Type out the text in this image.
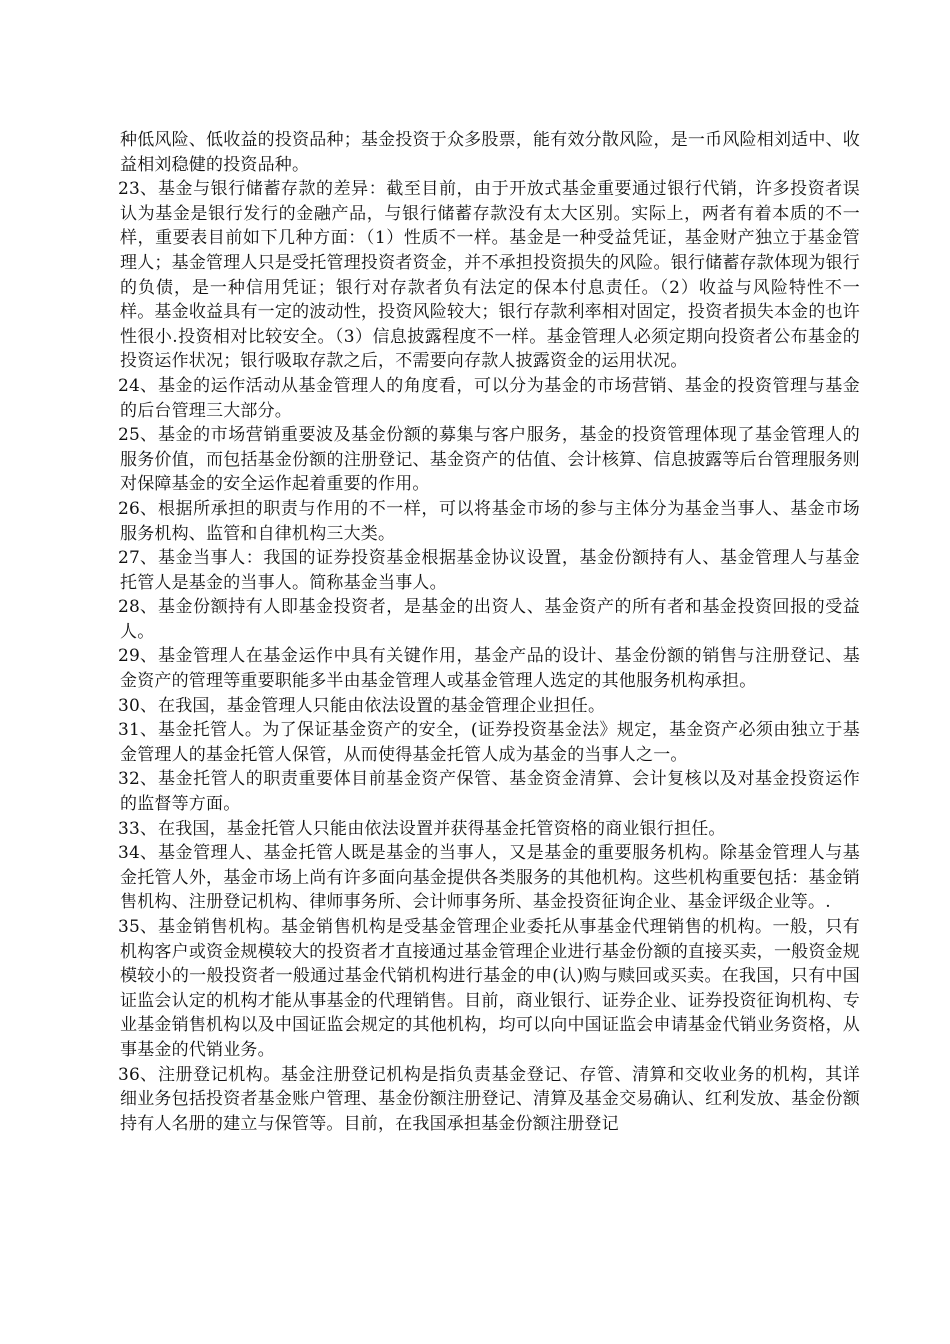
种低风险、低收益的投资品种；基金投资于众多股票，能有效分散风险，是一币风险相刘适中、收益相刘稳健的投资品种。

23、 基金与银行储蓄存款的差异：截至目前，由于开放式基金重要通过银行代销，许多投资者误认为基金是银行发行的金融产品，与银行储蓄存款没有太大区别。实际上，两者有着本质的不一样，重要表目前如下几种方面：（1）性质不一样。基金是一种受益凭证，基金财产独立于基金管理人；基金管理人只是受托管理投资者资金，并不承担投资损失的风险。银行储蓄存款体现为银行的负债，是一种信用凭证；银行对存款者负有法定的保本付息责任。（2）收益与风险特性不一样。基金收益具有一定的波动性，投资风险较大；银行存款利率相对固定，投资者损失本金的也许性很小.投资相对比较安全。（3）信息披露程度不一样。基金管理人必须定期向投资者公布基金的投资运作状况；银行吸取存款之后，不需要向存款人披露资金的运用状况。
24、 基金的运作活动从基金管理人的角度看，可以分为基金的市场营销、基金的投资管理与基金的后台管理三大部分。
25、 基金的市场营销重要波及基金份额的募集与客户服务，基金的投资管理体现了基金管理人的服务价值，而包括基金份额的注册登记、基金资产的估值、会计核算、信息披露等后台管理服务则对保障基金的安全运作起着重要的作用。
26、 根据所承担的职责与作用的不一样，可以将基金市场的参与主体分为基金当事人、基金市场服务机构、监管和自律机构三大类。
27、 基金当事人：我国的证券投资基金根据基金协议设置，基金份额持有人、基金管理人与基金托管人是基金的当事人。简称基金当事人。
28、 基金份额持有人即基金投资者，是基金的出资人、基金资产的所有者和基金投资回报的受益人。
29、 基金管理人在基金运作中具有关键作用，基金产品的设计、基金份额的销售与注册登记、基金资产的管理等重要职能多半由基金管理人或基金管理人选定的其他服务机构承担。
30、 在我国，基金管理人只能由依法设置的基金管理企业担任。
31、 基金托管人。为了保证基金资产的安全，(证券投资基金法》规定，基金资产必须由独立于基金管理人的基金托管人保管，从而使得基金托管人成为基金的当事人之一。
32、 基金托管人的职责重要体目前基金资产保管、基金资金清算、会计复核以及对基金投资运作的监督等方面。
33、 在我国，基金托管人只能由依法设置并获得基金托管资格的商业银行担任。
34、 基金管理人、基金托管人既是基金的当事人，又是基金的重要服务机构。除基金管理人与基金托管人外，基金市场上尚有许多面向基金提供各类服务的其他机构。这些机构重要包括：基金销售机构、注册登记机构、律师事务所、会计师事务所、基金投资征询企业、基金评级企业等。.
35、 基金销售机构。基金销售机构是受基金管理企业委托从事基金代理销售的机构。一般，只有机构客户或资金规模较大的投资者才直接通过基金管理企业进行基金份额的直接买卖，一般资金规模较小的一般投资者一般通过基金代销机构进行基金的申(认)购与赎回或买卖。在我国，只有中国证监会认定的机构才能从事基金的代理销售。目前，商业银行、证券企业、证券投资征询机构、专业基金销售机构以及中国证监会规定的其他机构，均可以向中国证监会申请基金代销业务资格，从事基金的代销业务。
36、 注册登记机构。基金注册登记机构是指负责基金登记、存管、清算和交收业务的机构，其详细业务包括投资者基金账户管理、基金份额注册登记、清算及基金交易确认、红利发放、基金份额持有人名册的建立与保管等。目前，在我国承担基金份额注册登记
